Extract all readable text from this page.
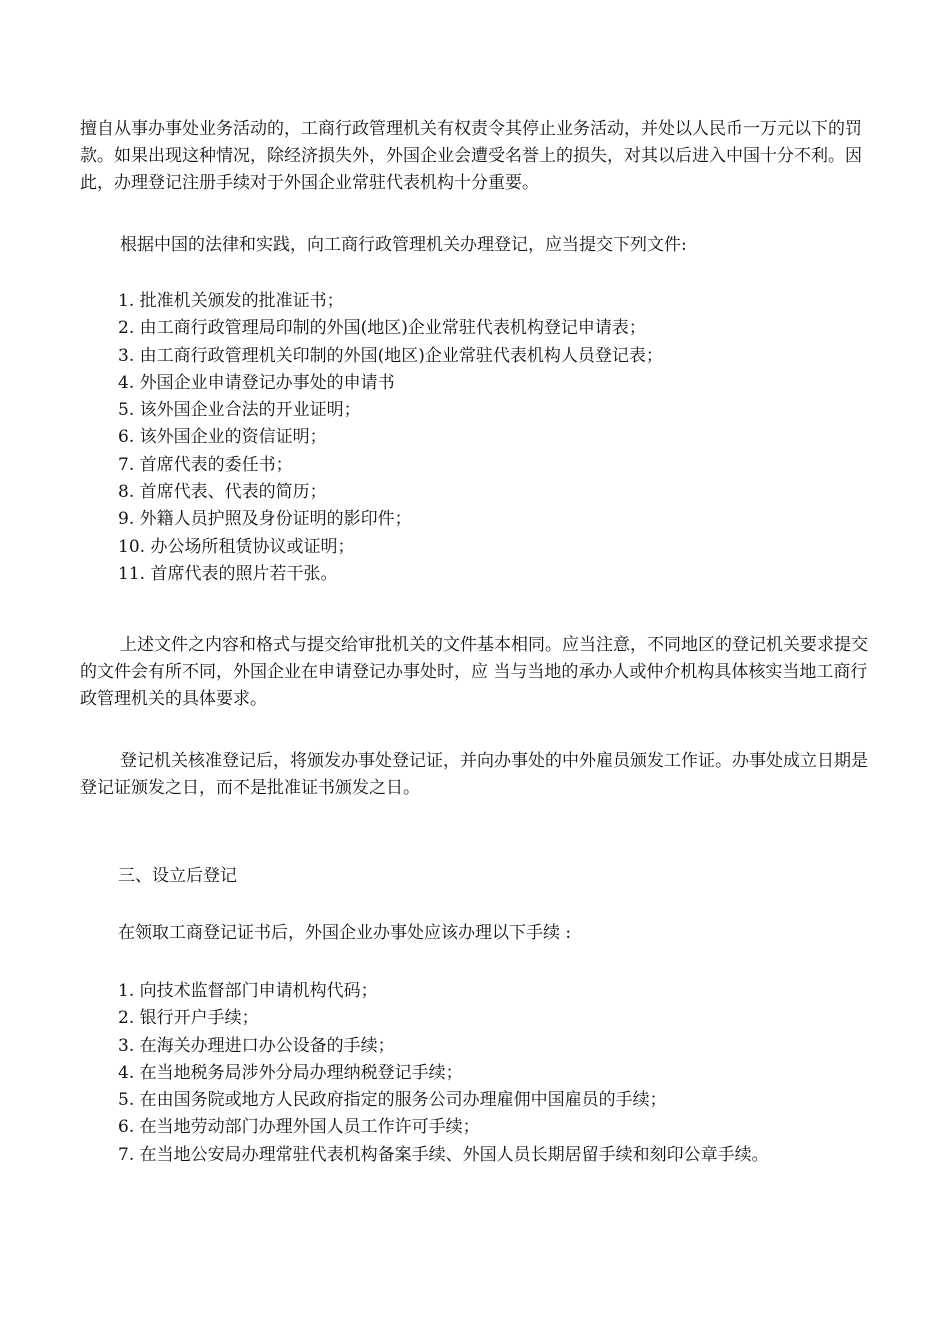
擅自从事办事处业务活动的，工商行政管理机关有权责令其停止业务活动，并处以人民币一万元以下的罚款。如果出现这种情况，除经济损失外，外国企业会遭受名誉上的损失，对其以后进入中国十分不利。因此，办理登记注册手续对于外国企业常驻代表机构十分重要。

根据中国的法律和实践，向工商行政管理机关办理登记，应当提交下列文件:

1. 批准机关颁发的批准证书；
2. 由工商行政管理局印制的外国(地区)企业常驻代表机构登记申请表；
3. 由工商行政管理机关印制的外国(地区)企业常驻代表机构人员登记表；
4. 外国企业申请登记办事处的申请书
5. 该外国企业合法的开业证明；
6. 该外国企业的资信证明；
7. 首席代表的委任书；
8. 首席代表、代表的简历；
9. 外籍人员护照及身份证明的影印件；
10. 办公场所租赁协议或证明；
11. 首席代表的照片若干张。

上述文件之内容和格式与提交给审批机关的文件基本相同。应当注意，不同地区的登记机关要求提交的文件会有所不同，外国企业在申请登记办事处时，应 当与当地的承办人或仲介机构具体核实当地工商行政管理机关的具体要求。

登记机关核准登记后，将颁发办事处登记证，并向办事处的中外雇员颁发工作证。办事处成立日期是登记证颁发之日，而不是批准证书颁发之日。

三、设立后登记

在领取工商登记证书后，外国企业办事处应该办理以下手续 :

1. 向技术监督部门申请机构代码；
2. 银行开户手续；
3. 在海关办理进口办公设备的手续；
4. 在当地税务局涉外分局办理纳税登记手续；
5. 在由国务院或地方人民政府指定的服务公司办理雇佣中国雇员的手续；
6. 在当地劳动部门办理外国人员工作许可手续；
7. 在当地公安局办理常驻代表机构备案手续、外国人员长期居留手续和刻印公章手续。
